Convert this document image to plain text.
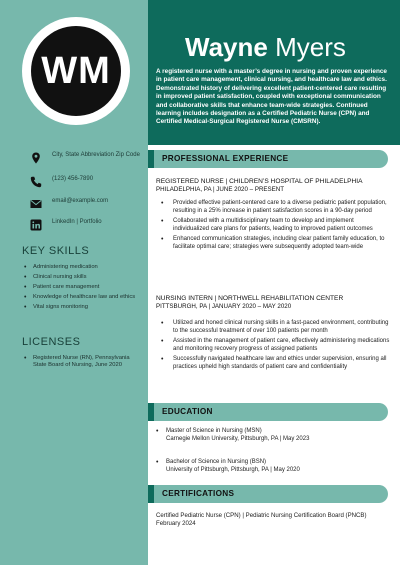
WM
Wayne Myers
A registered nurse with a master’s degree in nursing and proven experience in patient care management, clinical nursing, and healthcare law and ethics. Demonstrated history of delivering excellent patient-centered care resulting in improved patient satisfaction, coupled with exceptional communication and collaborative skills that enhance team-wide strategies. Continued learning includes designation as a Certified Pediatric Nurse (CPN) and Certified Medical-Surgical Registered Nurse (CMSRN).
City, State Abbreviation Zip Code
(123) 456-7890
email@example.com
LinkedIn | Portfolio
KEY SKILLS
• Administering medication
• Clinical nursing skills
• Patient care management
• Knowledge of healthcare law and ethics
• Vital signs monitoring
LICENSES
• Registered Nurse (RN), Pennsylvania State Board of Nursing, June 2020
PROFESSIONAL EXPERIENCE
REGISTERED NURSE | CHILDREN’S HOSPITAL OF PHILADELPHIA
PHILADELPHIA, PA | JUNE 2020 – PRESENT
• Provided effective patient-centered care to a diverse pediatric patient population, resulting in a 25% increase in patient satisfaction scores in a 90-day period
• Collaborated with a multidisciplinary team to develop and implement individualized care plans for patients, leading to improved patient outcomes
• Enhanced communication strategies, including clear patient family education, to facilitate optimal care; strategies were subsequently adopted team-wide
NURSING INTERN | NORTHWELL REHABILITATION CENTER
PITTSBURGH, PA | JANUARY 2020 – MAY 2020
• Utilized and honed clinical nursing skills in a fast-paced environment, contributing to the successful treatment of over 100 patients per month
• Assisted in the management of patient care, effectively administering medications and monitoring recovery progress of assigned patients
• Successfully navigated healthcare law and ethics under supervision, ensuring all practices upheld high standards of patient care and confidentiality
EDUCATION
• Master of Science in Nursing (MSN)
Carnegie Mellon University, Pittsburgh, PA | May 2023
• Bachelor of Science in Nursing (BSN)
University of Pittsburgh, Pittsburgh, PA | May 2020
CERTIFICATIONS
Certified Pediatric Nurse (CPN) | Pediatric Nursing Certification Board (PNCB)
February 2024
